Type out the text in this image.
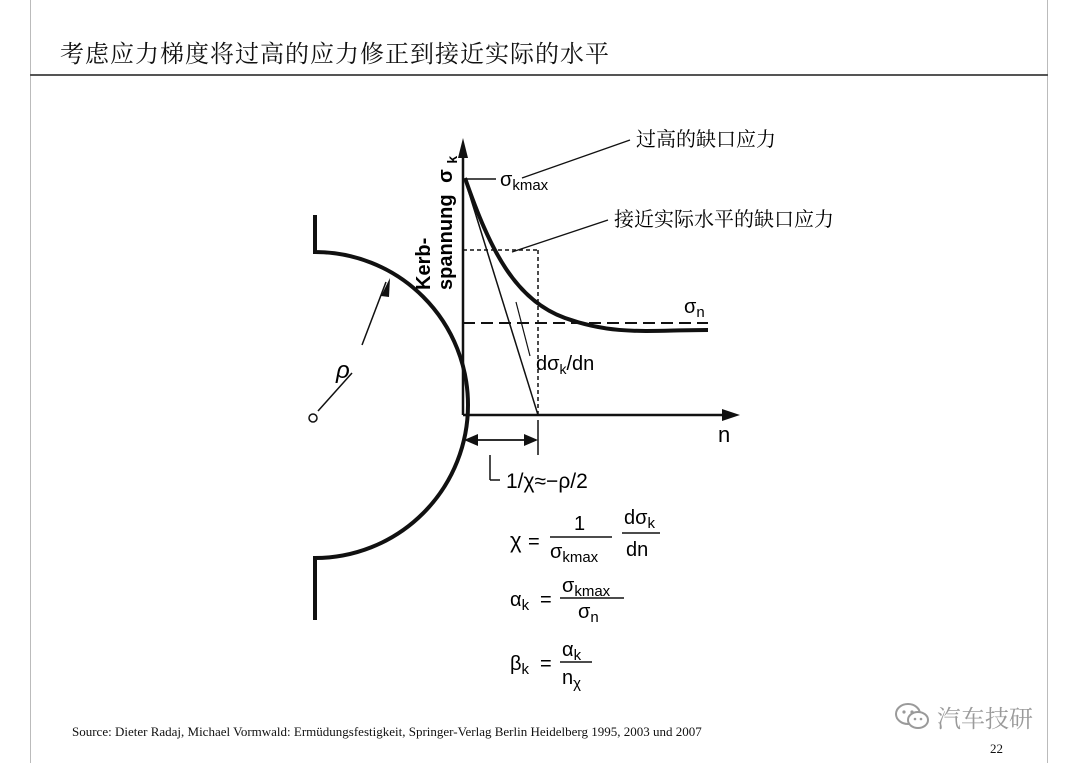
考虑应力梯度将过高的应力修正到接近实际的水平
ρ
n
Kerb- spannung σ $_k$
1/χ≈−ρ/2
$\sigma_{kmax}$
$\sigma_n$
$d\sigma_k/dn$
过高的缺口应力
接近实际水平的缺口应力
χ =
1
$\sigma_{kmax}$
$d\sigma_k$
dn
$\alpha_k$ =
$\sigma_{kmax}$
$\sigma_n$
$\beta_k$ =
$\alpha_k$
$n_\chi$
Source: Dieter Radaj, Michael Vormwald: Ermüdungsfestigkeit, Springer-Verlag Berlin Heidelberg 1995, 2003 und 2007
22
汽车技研
